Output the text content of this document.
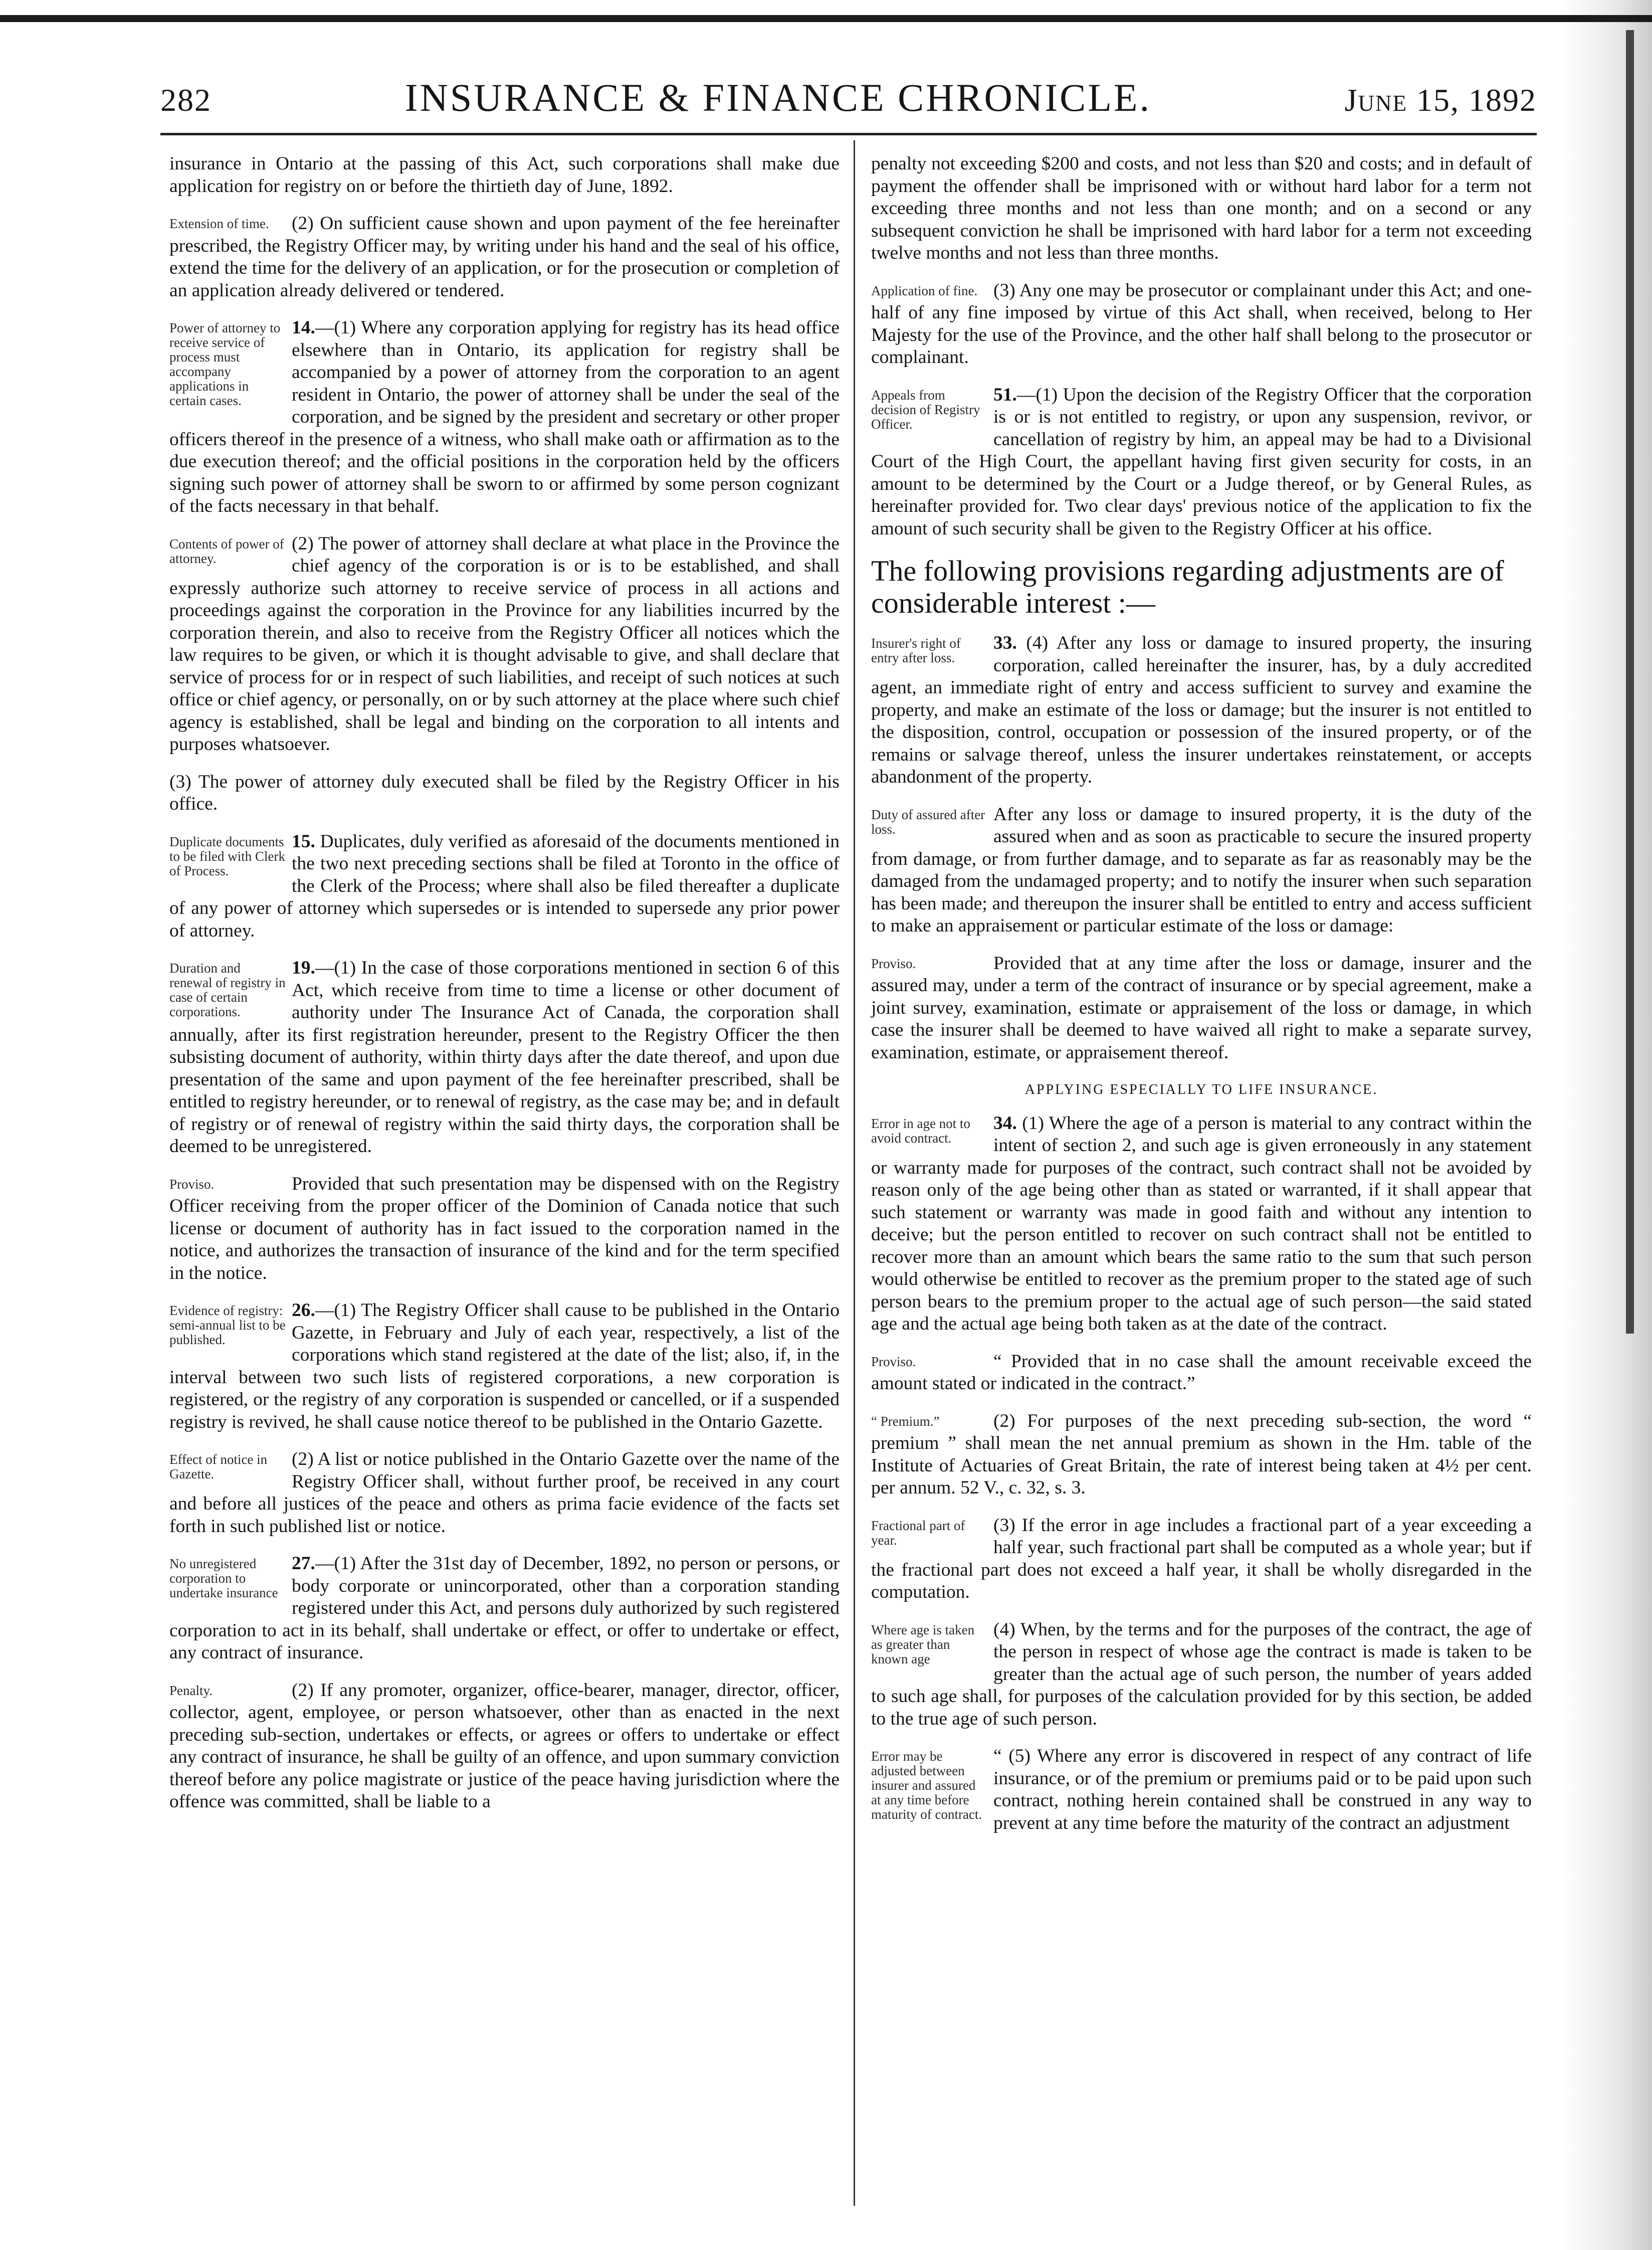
282	INSURANCE & FINANCE CHRONICLE.	June 15, 1892

insurance in Ontario at the passing of this Act, such corporations shall make due application for registry on or before the thirtieth day of June, 1892.

Extension of time.	(2) On sufficient cause shown and upon payment of the fee hereinafter prescribed, the Registry Officer may, by writing under his hand and the seal of his office, extend the time for the delivery of an application, or for the prosecution or completion of an application already delivered or tendered.

Power of attorney to receive service of process must accompany applications in certain cases.

14.—(1) Where any corporation applying for registry has its head office elsewhere than in Ontario, its application for registry shall be accompanied by a power of attorney from the corporation to an agent resident in Ontario, the power of attorney shall be under the seal of the corporation, and be signed by the president and secretary or other proper officers thereof in the presence of a witness, who shall make oath or affirmation as to the due execution thereof; and the official positions in the corporation held by the officers signing such power of attorney shall be sworn to or affirmed by some person cognizant of the facts necessary in that behalf.

Contents of power of attorney.

(2) The power of attorney shall declare at what place in the Province the chief agency of the corporation is or is to be established, and shall expressly authorize such attorney to receive service of process in all actions and proceedings against the corporation in the Province for any liabilities incurred by the corporation therein, and also to receive from the Registry Officer all notices which the law requires to be given, or which it is thought advisable to give, and shall declare that service of process for or in respect of such liabilities, and receipt of such notices at such office or chief agency, or personally, on or by such attorney at the place where such chief agency is established, shall be legal and binding on the corporation to all intents and purposes whatsoever.

(3) The power of attorney duly executed shall be filed by the Registry Officer in his office.

Duplicate documents to be filed with Clerk of Process.

15. Duplicates, duly verified as aforesaid of the documents mentioned in the two next preceding sections shall be filed at Toronto in the office of the Clerk of the Process; where shall also be filed thereafter a duplicate of any power of attorney which supersedes or is intended to supersede any prior power of attorney.

Duration and renewal of registry in case of certain corporations.

19.—(1) In the case of those corporations mentioned in section 6 of this Act, which receive from time to time a license or other document of authority under The Insurance Act of Canada, the corporation shall annually, after its first registration hereunder, present to the Registry Officer the then subsisting document of authority, within thirty days after the date thereof, and upon due presentation of the same and upon payment of the fee hereinafter prescribed, shall be entitled to registry hereunder, or to renewal of registry, as the case may be; and in default of registry or of renewal of registry within the said thirty days, the corporation shall be deemed to be unregistered.

Proviso.	Provided that such presentation may be dispensed with on the Registry Officer receiving from the proper officer of the Dominion of Canada notice that such license or document of authority has in fact issued to the corporation named in the notice, and authorizes the transaction of insurance of the kind and for the term specified in the notice.

Evidence of registry: semi-annual list to be published.

26.—(1) The Registry Officer shall cause to be published in the Ontario Gazette, in February and July of each year, respectively, a list of the corporations which stand registered at the date of the list; also, if, in the interval between two such lists of registered corporations, a new corporation is registered, or the registry of any corporation is suspended or cancelled, or if a suspended registry is revived, he shall cause notice thereof to be published in the Ontario Gazette.

Effect of notice in Gazette.

(2) A list or notice published in the Ontario Gazette over the name of the Registry Officer shall, without further proof, be received in any court and before all justices of the peace and others as prima facie evidence of the facts set forth in such published list or notice.

No unregistered corporation to undertake insurance

27.—(1) After the 31st day of December, 1892, no person or persons, or body corporate or unincorporated, other than a corporation standing registered under this Act, and persons duly authorized by such registered corporation to act in its behalf, shall undertake or effect, or offer to undertake or effect, any contract of insurance.

Penalty.	(2) If any promoter, organizer, office-bearer, manager, director, officer, collector, agent, employee, or person whatsoever, other than as enacted in the next preceding sub-section, undertakes or effects, or agrees or offers to undertake or effect any contract of insurance, he shall be guilty of an offence, and upon summary conviction thereof before any police magistrate or justice of the peace having jurisdiction where the offence was committed, shall be liable to a

penalty not exceeding $200 and costs, and not less than $20 and costs; and in default of payment the offender shall be imprisoned with or without hard labor for a term not exceeding three months and not less than one month; and on a second or any subsequent conviction he shall be imprisoned with hard labor for a term not exceeding twelve months and not less than three months.

Application of fine. (3) Any one may be prosecutor or complainant under this Act; and one-half of any fine imposed by virtue of this Act shall, when received, belong to Her Majesty for the use of the Province, and the other half shall belong to the prosecutor or complainant.

Appeals from decision of Registry Officer.

51.—(1) Upon the decision of the Registry Officer that the corporation is or is not entitled to registry, or upon any suspension, revivor, or cancellation of registry by him, an appeal may be had to a Divisional Court of the High Court, the appellant having first given security for costs, in an amount to be determined by the Court or a Judge thereof, or by General Rules, as hereinafter provided for. Two clear days' previous notice of the application to fix the amount of such security shall be given to the Registry Officer at his office.

The following provisions regarding adjustments are of considerable interest :—
Insurer's right of entry after loss.

33. (4) After any loss or damage to insured property, the insuring corporation, called hereinafter the insurer, has, by a duly accredited agent, an immediate right of entry and access sufficient to survey and examine the property, and make an estimate of the loss or damage; but the insurer is not entitled to the disposition, control, occupation or possession of the insured property, or of the remains or salvage thereof, unless the insurer undertakes reinstatement, or accepts abandonment of the property.

Duty of assured after loss.

After any loss or damage to insured property, it is the duty of the assured when and as soon as practicable to secure the insured property from damage, or from further damage, and to separate as far as reasonably may be the damaged from the undamaged property; and to notify the insurer when such separation has been made; and thereupon the insurer shall be entitled to entry and access sufficient to make an appraisement or particular estimate of the loss or damage:

Proviso.	Provided that at any time after the loss or damage, insurer and the assured may, under a term of the contract of insurance or by special agreement, make a joint survey, examination, estimate or appraisement of the loss or damage, in which case the insurer shall be deemed to have waived all right to make a separate survey, examination, estimate, or appraisement thereof.

APPLYING ESPECIALLY TO LIFE INSURANCE.
Error in age not to avoid contract.

34. (1) Where the age of a person is material to any contract within the intent of section 2, and such age is given erroneously in any statement or warranty made for purposes of the contract, such contract shall not be avoided by reason only of the age being other than as stated or warranted, if it shall appear that such statement or warranty was made in good faith and without any intention to deceive; but the person entitled to recover on such contract shall not be entitled to recover more than an amount which bears the same ratio to the sum that such person would otherwise be entitled to recover as the premium proper to the stated age of such person bears to the premium proper to the actual age of such person—the said stated age and the actual age being both taken as at the date of the contract.

Proviso.	“ Provided that in no case shall the amount receivable exceed the amount stated or indicated in the contract.”

“ Premium.”	(2) For purposes of the next preceding sub-section, the word “ premium ” shall mean the net annual premium as shown in the Hm. table of the Institute of Actuaries of Great Britain, the rate of interest being taken at 4½ per cent. per annum. 52 V., c. 32, s. 3.

Fractional part of year.

(3) If the error in age includes a fractional part of a year exceeding a half year, such fractional part shall be computed as a whole year; but if the fractional part does not exceed a half year, it shall be wholly disregarded in the computation.

Where age is taken as greater than known age

(4) When, by the terms and for the purposes of the contract, the age of the person in respect of whose age the contract is made is taken to be greater than the actual age of such person, the number of years added to such age shall, for purposes of the calculation provided for by this section, be added to the true age of such person.

Error may be adjusted between insurer and assured at any time before maturity of contract.

“ (5) Where any error is discovered in respect of any contract of life insurance, or of the premium or premiums paid or to be paid upon such contract, nothing herein contained shall be construed in any way to prevent at any time before the maturity of the contract an adjustment
